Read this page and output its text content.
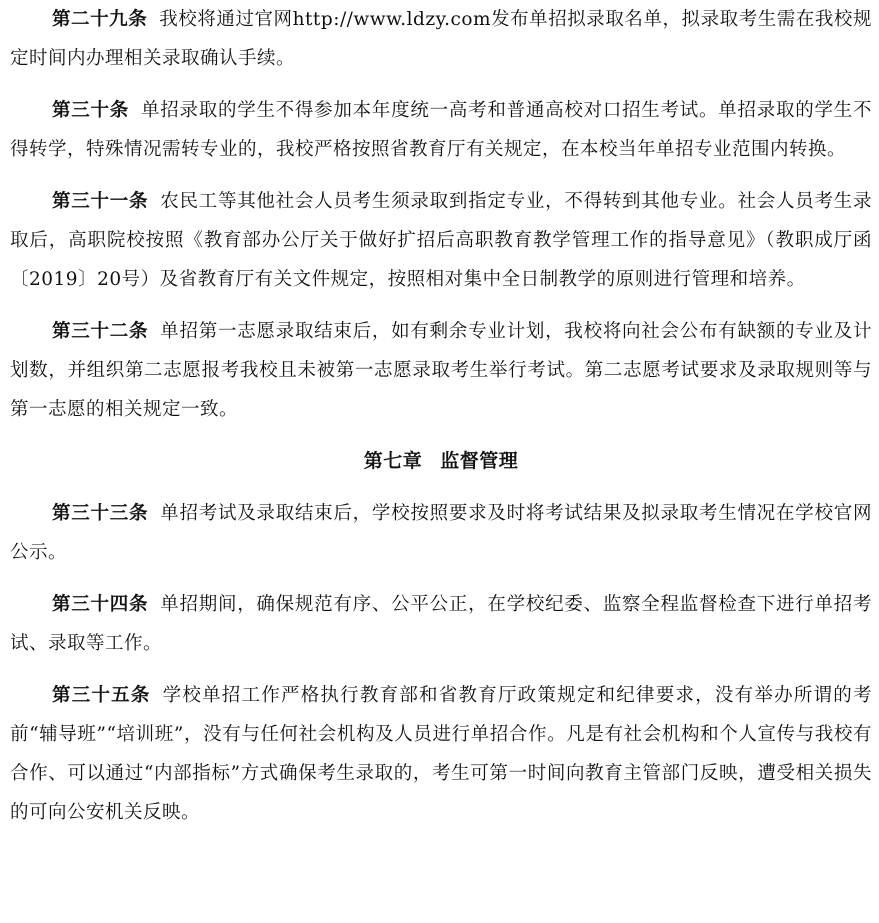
第二十九条 我校将通过官网http://www.ldzy.com发布单招拟录取名单，拟录取考生需在我校规定时间内办理相关录取确认手续。

第三十条 单招录取的学生不得参加本年度统一高考和普通高校对口招生考试。单招录取的学生不得转学，特殊情况需转专业的，我校严格按照省教育厅有关规定，在本校当年单招专业范围内转换。

第三十一条 农民工等其他社会人员考生须录取到指定专业，不得转到其他专业。社会人员考生录取后，高职院校按照《教育部办公厅关于做好扩招后高职教育教学管理工作的指导意见》（教职成厅函〔2019〕20号）及省教育厅有关文件规定，按照相对集中全日制教学的原则进行管理和培养。

第三十二条 单招第一志愿录取结束后，如有剩余专业计划，我校将向社会公布有缺额的专业及计划数，并组织第二志愿报考我校且未被第一志愿录取考生举行考试。第二志愿考试要求及录取规则等与第一志愿的相关规定一致。

第七章 监督管理

第三十三条 单招考试及录取结束后，学校按照要求及时将考试结果及拟录取考生情况在学校官网公示。

第三十四条 单招期间，确保规范有序、公平公正，在学校纪委、监察全程监督检查下进行单招考试、录取等工作。

第三十五条 学校单招工作严格执行教育部和省教育厅政策规定和纪律要求，没有举办所谓的考前“辅导班”“培训班”，没有与任何社会机构及人员进行单招合作。凡是有社会机构和个人宣传与我校有合作、可以通过“内部指标”方式确保考生录取的，考生可第一时间向教育主管部门反映，遭受相关损失的可向公安机关反映。
